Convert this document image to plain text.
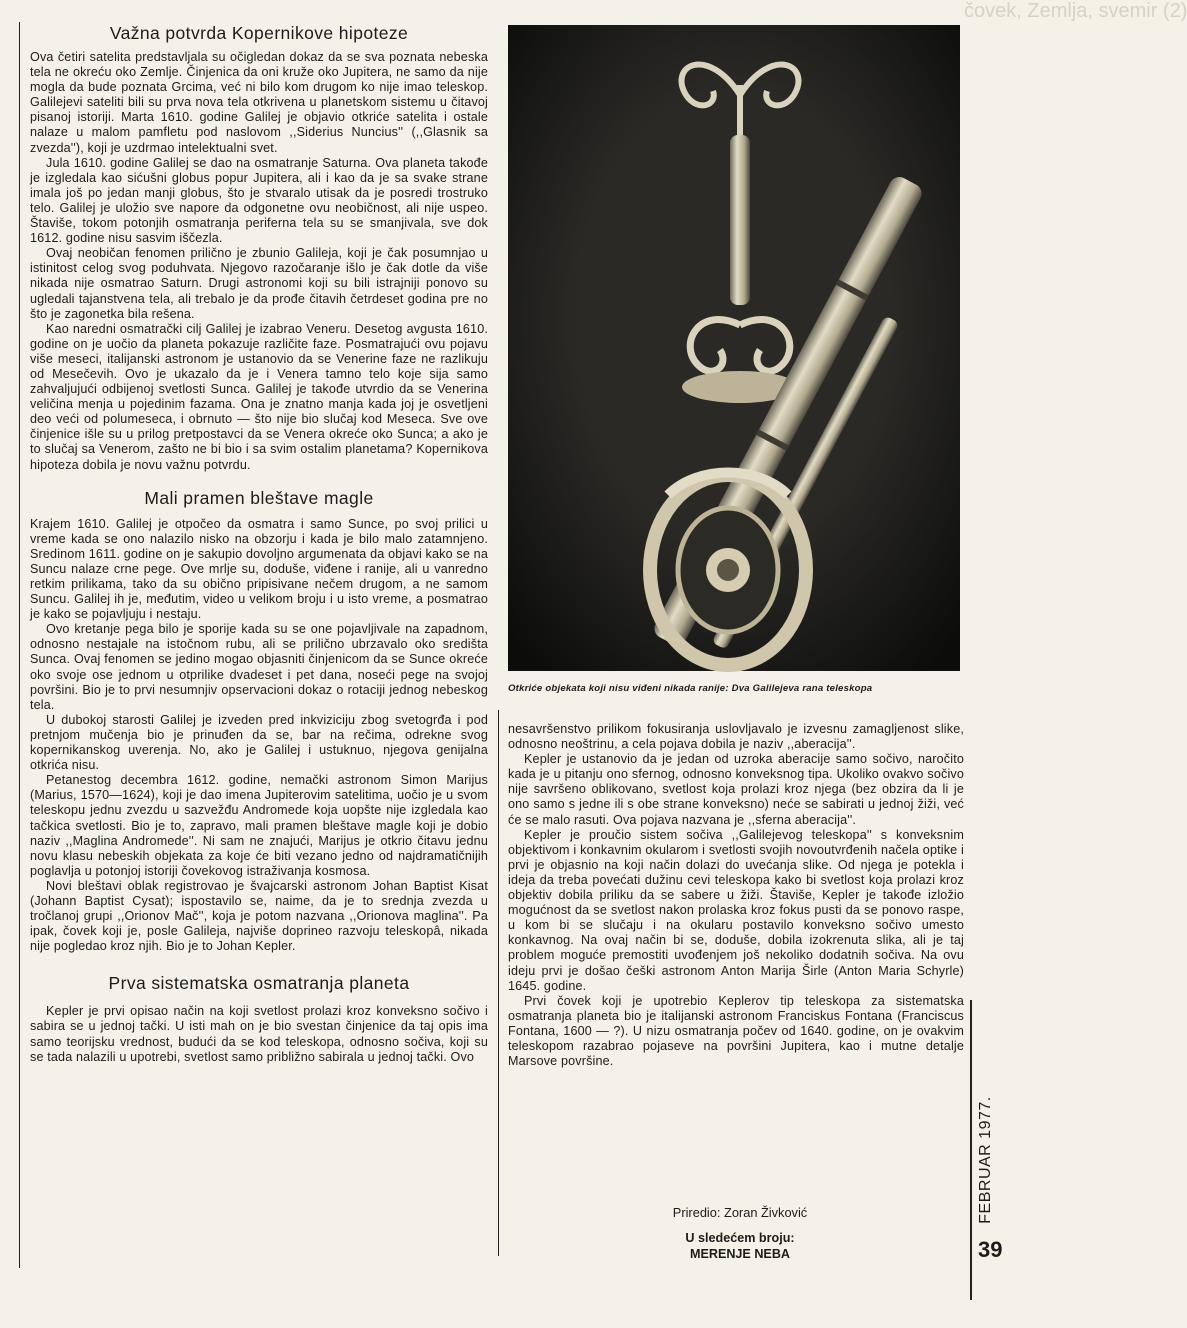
čovek, Zemlja, svemir (2)
Važna potvrda Kopernikove hipoteze

Ova četiri satelita predstavljala su očigledan dokaz da se sva poznata nebeska tela ne okreću oko Zemlje. Činjenica da oni kruže oko Jupitera, ne samo da nije mogla da bude poznata Grcima, već ni bilo kom drugom ko nije imao teleskop. Galilejevi sateliti bili su prva nova tela otkrivena u planetskom sistemu u čitavoj pisanoj istoriji. Marta 1610. godine Galilej je objavio otkriće satelita i ostale nalaze u malom pamfletu pod naslovom ,,Siderius Nuncius'' (,,Glasnik sa zvezda''), koji je uzdrmao intelektualni svet.

Jula 1610. godine Galilej se dao na osmatranje Saturna. Ova planeta takođe je izgledala kao sićušni globus popur Jupitera, ali i kao da je sa svake strane imala još po jedan manji globus, što je stvaralo utisak da je posredi trostruko telo. Galilej je uložio sve napore da odgonetne ovu neobičnost, ali nije uspeo. Štaviše, tokom potonjih osmatranja periferna tela su se smanjivala, sve dok 1612. godine nisu sasvim iščezla.

Ovaj neobičan fenomen prilično je zbunio Galileja, koji je čak posumnjao u istinitost celog svog poduhvata. Njegovo razočaranje išlo je čak dotle da više nikada nije osmatrao Saturn. Drugi astronomi koji su bili istrajniji ponovo su ugledali tajanstvena tela, ali trebalo je da prođe čitavih četrdeset godina pre no što je zagonetka bila rešena.

Kao naredni osmatrački cilj Galilej je izabrao Veneru. Desetog avgusta 1610. godine on je uočio da planeta pokazuje različite faze. Posmatrajući ovu pojavu više meseci, italijanski astronom je ustanovio da se Venerine faze ne razlikuju od Mesečevih. Ovo je ukazalo da je i Venera tamno telo koje sija samo zahvaljujući odbijenoj svetlosti Sunca. Galilej je takođe utvrdio da se Venerina veličina menja u pojedinim fazama. Ona je znatno manja kada joj je osvetljeni deo veći od polumeseca, i obrnuto — što nije bio slučaj kod Meseca. Sve ove činjenice išle su u prilog pretpostavci da se Venera okreće oko Sunca; a ako je to slučaj sa Venerom, zašto ne bi bio i sa svim ostalim planetama? Kopernikova hipoteza dobila je novu važnu potvrdu.

Mali pramen bleštave magle

Krajem 1610. Galilej je otpočeo da osmatra i samo Sunce, po svoj prilici u vreme kada se ono nalazilo nisko na obzorju i kada je bilo malo zatamnjeno. Sredinom 1611. godine on je sakupio dovoljno argumenata da objavi kako se na Suncu nalaze crne pege. Ove mrlje su, doduše, viđene i ranije, ali u vanredno retkim prilikama, tako da su obično pripisivane nečem drugom, a ne samom Suncu. Galilej ih je, međutim, video u velikom broju i u isto vreme, a posmatrao je kako se pojavljuju i nestaju.

Ovo kretanje pega bilo je sporije kada su se one pojavljivale na zapadnom, odnosno nestajale na istočnom rubu, ali se prilično ubrzavalo oko središta Sunca. Ovaj fenomen se jedino mogao objasniti činjenicom da se Sunce okreće oko svoje ose jednom u otprilike dvadeset i pet dana, noseći pege na svojoj površini. Bio je to prvi nesumnjiv opservacioni dokaz o rotaciji jednog nebeskog tela.

U dubokoj starosti Galilej je izveden pred inkviziciju zbog svetogrđa i pod pretnjom mučenja bio je prinuđen da se, bar na rečima, odrekne svog kopernikanskog uverenja. No, ako je Galilej i ustuknuo, njegova genijalna otkrića nisu.

Petanestog decembra 1612. godine, nemački astronom Simon Marijus (Marius, 1570—1624), koji je dao imena Jupiterovim satelitima, uočio je u svom teleskopu jednu zvezdu u sazvežđu Andromede koja uopšte nije izgledala kao tačkica svetlosti. Bio je to, zapravo, mali pramen bleštave magle koji je dobio naziv ,,Maglina Andromede''. Ni sam ne znajući, Marijus je otkrio čitavu jednu novu klasu nebeskih objekata za koje će biti vezano jedno od najdramatičnijih poglavlja u potonjoj istoriji čovekovog istraživanja kosmosa.

Novi bleštavi oblak registrovao je švajcarski astronom Johan Baptist Kisat (Johann Baptist Cysat); ispostavilo se, naime, da je to srednja zvezda u tročlanoj grupi ,,Orionov Mač'', koja je potom nazvana ,,Orionova maglina''. Pa ipak, čovek koji je, posle Galileja, najviše doprineo razvoju teleskopâ, nikada nije pogledao kroz njih. Bio je to Johan Kepler.

Prva sistematska osmatranja planeta

Kepler je prvi opisao način na koji svetlost prolazi kroz konveksno sočivo i sabira se u jednoj tački. U isti mah on je bio svestan činjenice da taj opis ima samo teorijsku vrednost, budući da se kod teleskopa, odnosno sočiva, koji su se tada nalazili u upotrebi, svetlost samo približno sabirala u jednoj tački. Ovo

Otkriće objekata koji nisu viđeni nikada ranije: Dva Galilejeva rana teleskopa

nesavršenstvo prilikom fokusiranja uslovljavalo je izvesnu zamagljenost slike, odnosno neoštrinu, a cela pojava dobila je naziv ,,aberacija''.

Kepler je ustanovio da je jedan od uzroka aberacije samo sočivo, naročito kada je u pitanju ono sfernog, odnosno konveksnog tipa. Ukoliko ovakvo sočivo nije savršeno oblikovano, svetlost koja prolazi kroz njega (bez obzira da li je ono samo s jedne ili s obe strane konveksno) neće se sabirati u jednoj žiži, već će se malo rasuti. Ova pojava nazvana je ,,sferna aberacija''.

Kepler je proučio sistem sočiva ,,Galilejevog teleskopa'' s konveksnim objektivom i konkavnim okularom i svetlosti svojih novoutvrđenih načela optike i prvi je objasnio na koji način dolazi do uvećanja slike. Od njega je potekla i ideja da treba povećati dužinu cevi teleskopa kako bi svetlost koja prolazi kroz objektiv dobila priliku da se sabere u žiži. Štaviše, Kepler je takođe izložio mogućnost da se svetlost nakon prolaska kroz fokus pusti da se ponovo raspe, u kom bi se slučaju i na okularu postavilo konveksno sočivo umesto konkavnog. Na ovaj način bi se, doduše, dobila izokrenuta slika, ali je taj problem moguće premostiti uvođenjem još nekoliko dodatnih sočiva. Na ovu ideju prvi je došao češki astronom Anton Marija Širle (Anton Maria Schyrle) 1645. godine.

Prvi čovek koji je upotrebio Keplerov tip teleskopa za sistematska osmatranja planeta bio je italijanski astronom Franciskus Fontana (Franciscus Fontana, 1600 — ?). U nizu osmatranja počev od 1640. godine, on je ovakvim teleskopom razabrao pojaseve na površini Jupitera, kao i mutne detalje Marsove površine.

Priredio: Zoran Živković
U sledećem broju:
MERENJE NEBA
FEBRUAR 1977.
39
